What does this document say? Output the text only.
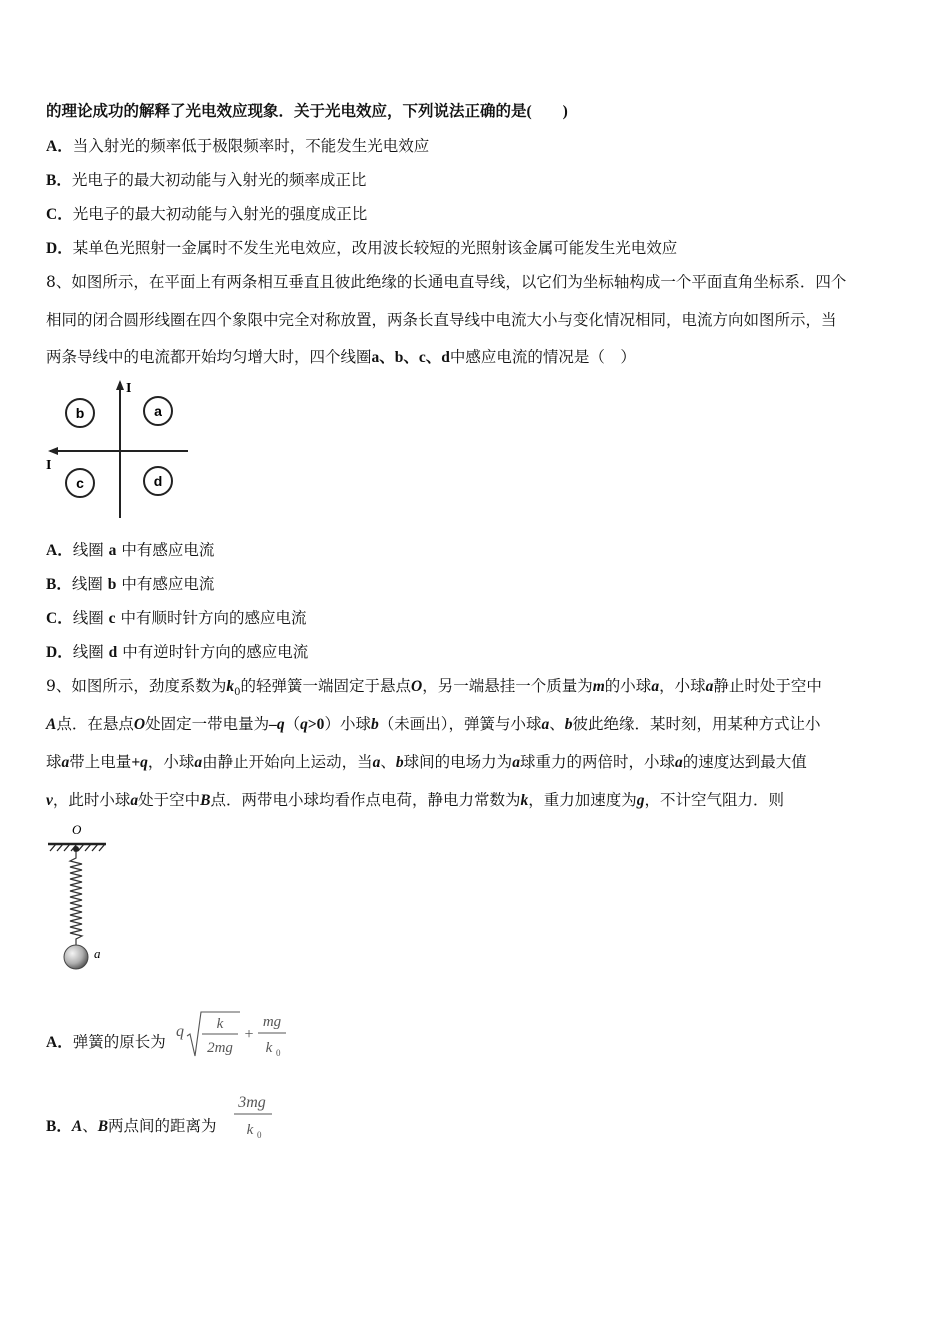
的理论成功的解释了光电效应现象．关于光电效应，下列说法正确的是(　　)
A．当入射光的频率低于极限频率时，不能发生光电效应
B．光电子的最大初动能与入射光的频率成正比
C．光电子的最大初动能与入射光的强度成正比
D．某单色光照射一金属时不发生光电效应，改用波长较短的光照射该金属可能发生光电效应
8、如图所示，在平面上有两条相互垂直且彼此绝缘的长通电直导线，以它们为坐标轴构成一个平面直角坐标系．四个
相同的闭合圆形线圈在四个象限中完全对称放置，两条长直导线中电流大小与变化情况相同，电流方向如图所示，当
两条导线中的电流都开始均匀增大时，四个线圈a、b、c、d中感应电流的情况是（　）
I
I
b	a
c	d
A．线圈 a 中有感应电流
B．线圈 b 中有感应电流
C．线圈 c 中有顺时针方向的感应电流
D．线圈 d 中有逆时针方向的感应电流
9、如图所示，劲度系数为$k_0$的轻弹簧一端固定于悬点O，另一端悬挂一个质量为m的小球a，小球a静止时处于空中
A点．在悬点O处固定一带电量为–q（q>0）小球b（未画出），弹簧与小球a、b彼此绝缘．某时刻，用某种方式让小
球a带上电量+q，小球a由静止开始向上运动，当a、b球间的电场力为a球重力的两倍时，小球a的速度达到最大值
v，此时小球a处于空中B点．两带电小球均看作点电荷，静电力常数为k，重力加速度为g，不计空气阻力．则
O
a
A．弹簧的原长为
q k
2mg
+
mg
k 0
B．A、B两点间的距离为
3mg
k 0
